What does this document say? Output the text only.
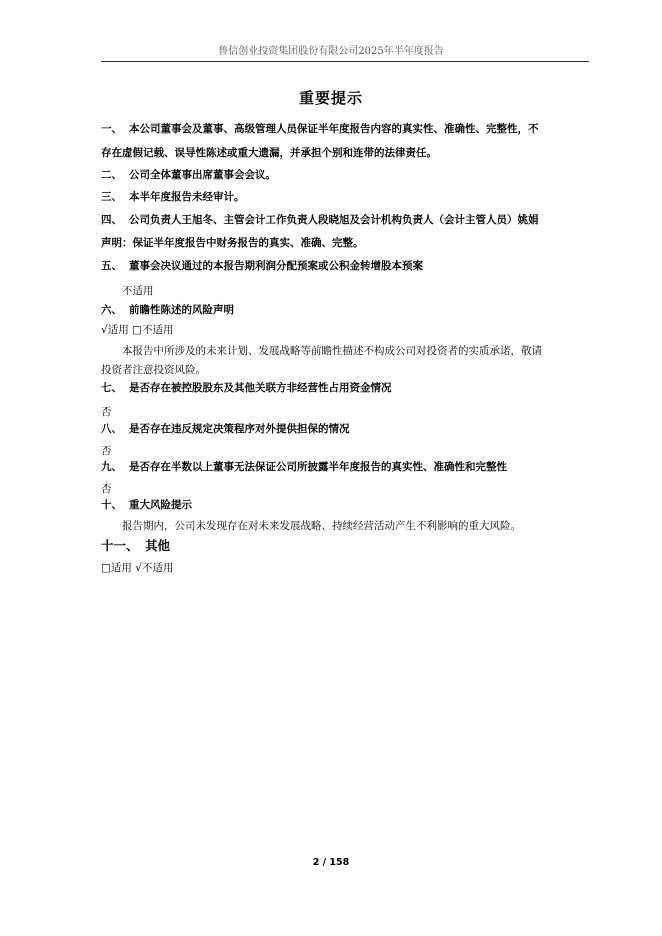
鲁信创业投资集团股份有限公司2025年半年度报告
重要提示
一、 本公司董事会及董事、高级管理人员保证半年度报告内容的真实性、准确性、完整性，不
存在虚假记载、误导性陈述或重大遗漏，并承担个别和连带的法律责任。
二、 公司全体董事出席董事会会议。
三、 本半年度报告未经审计。
四、 公司负责人王旭冬、主管会计工作负责人段晓旭及会计机构负责人（会计主管人员）姚娟
声明：保证半年度报告中财务报告的真实、准确、完整。
五、 董事会决议通过的本报告期利润分配预案或公积金转增股本预案
不适用
六、 前瞻性陈述的风险声明
√适用 □不适用
本报告中所涉及的未来计划、发展战略等前瞻性描述不构成公司对投资者的实质承诺，敬请
投资者注意投资风险。
七、 是否存在被控股股东及其他关联方非经营性占用资金情况
否
八、 是否存在违反规定决策程序对外提供担保的情况
否
九、 是否存在半数以上董事无法保证公司所披露半年度报告的真实性、准确性和完整性
否
十、 重大风险提示
报告期内，公司未发现存在对未来发展战略、持续经营活动产生不利影响的重大风险。
十一、 其他
□适用 √不适用
2 / 158
